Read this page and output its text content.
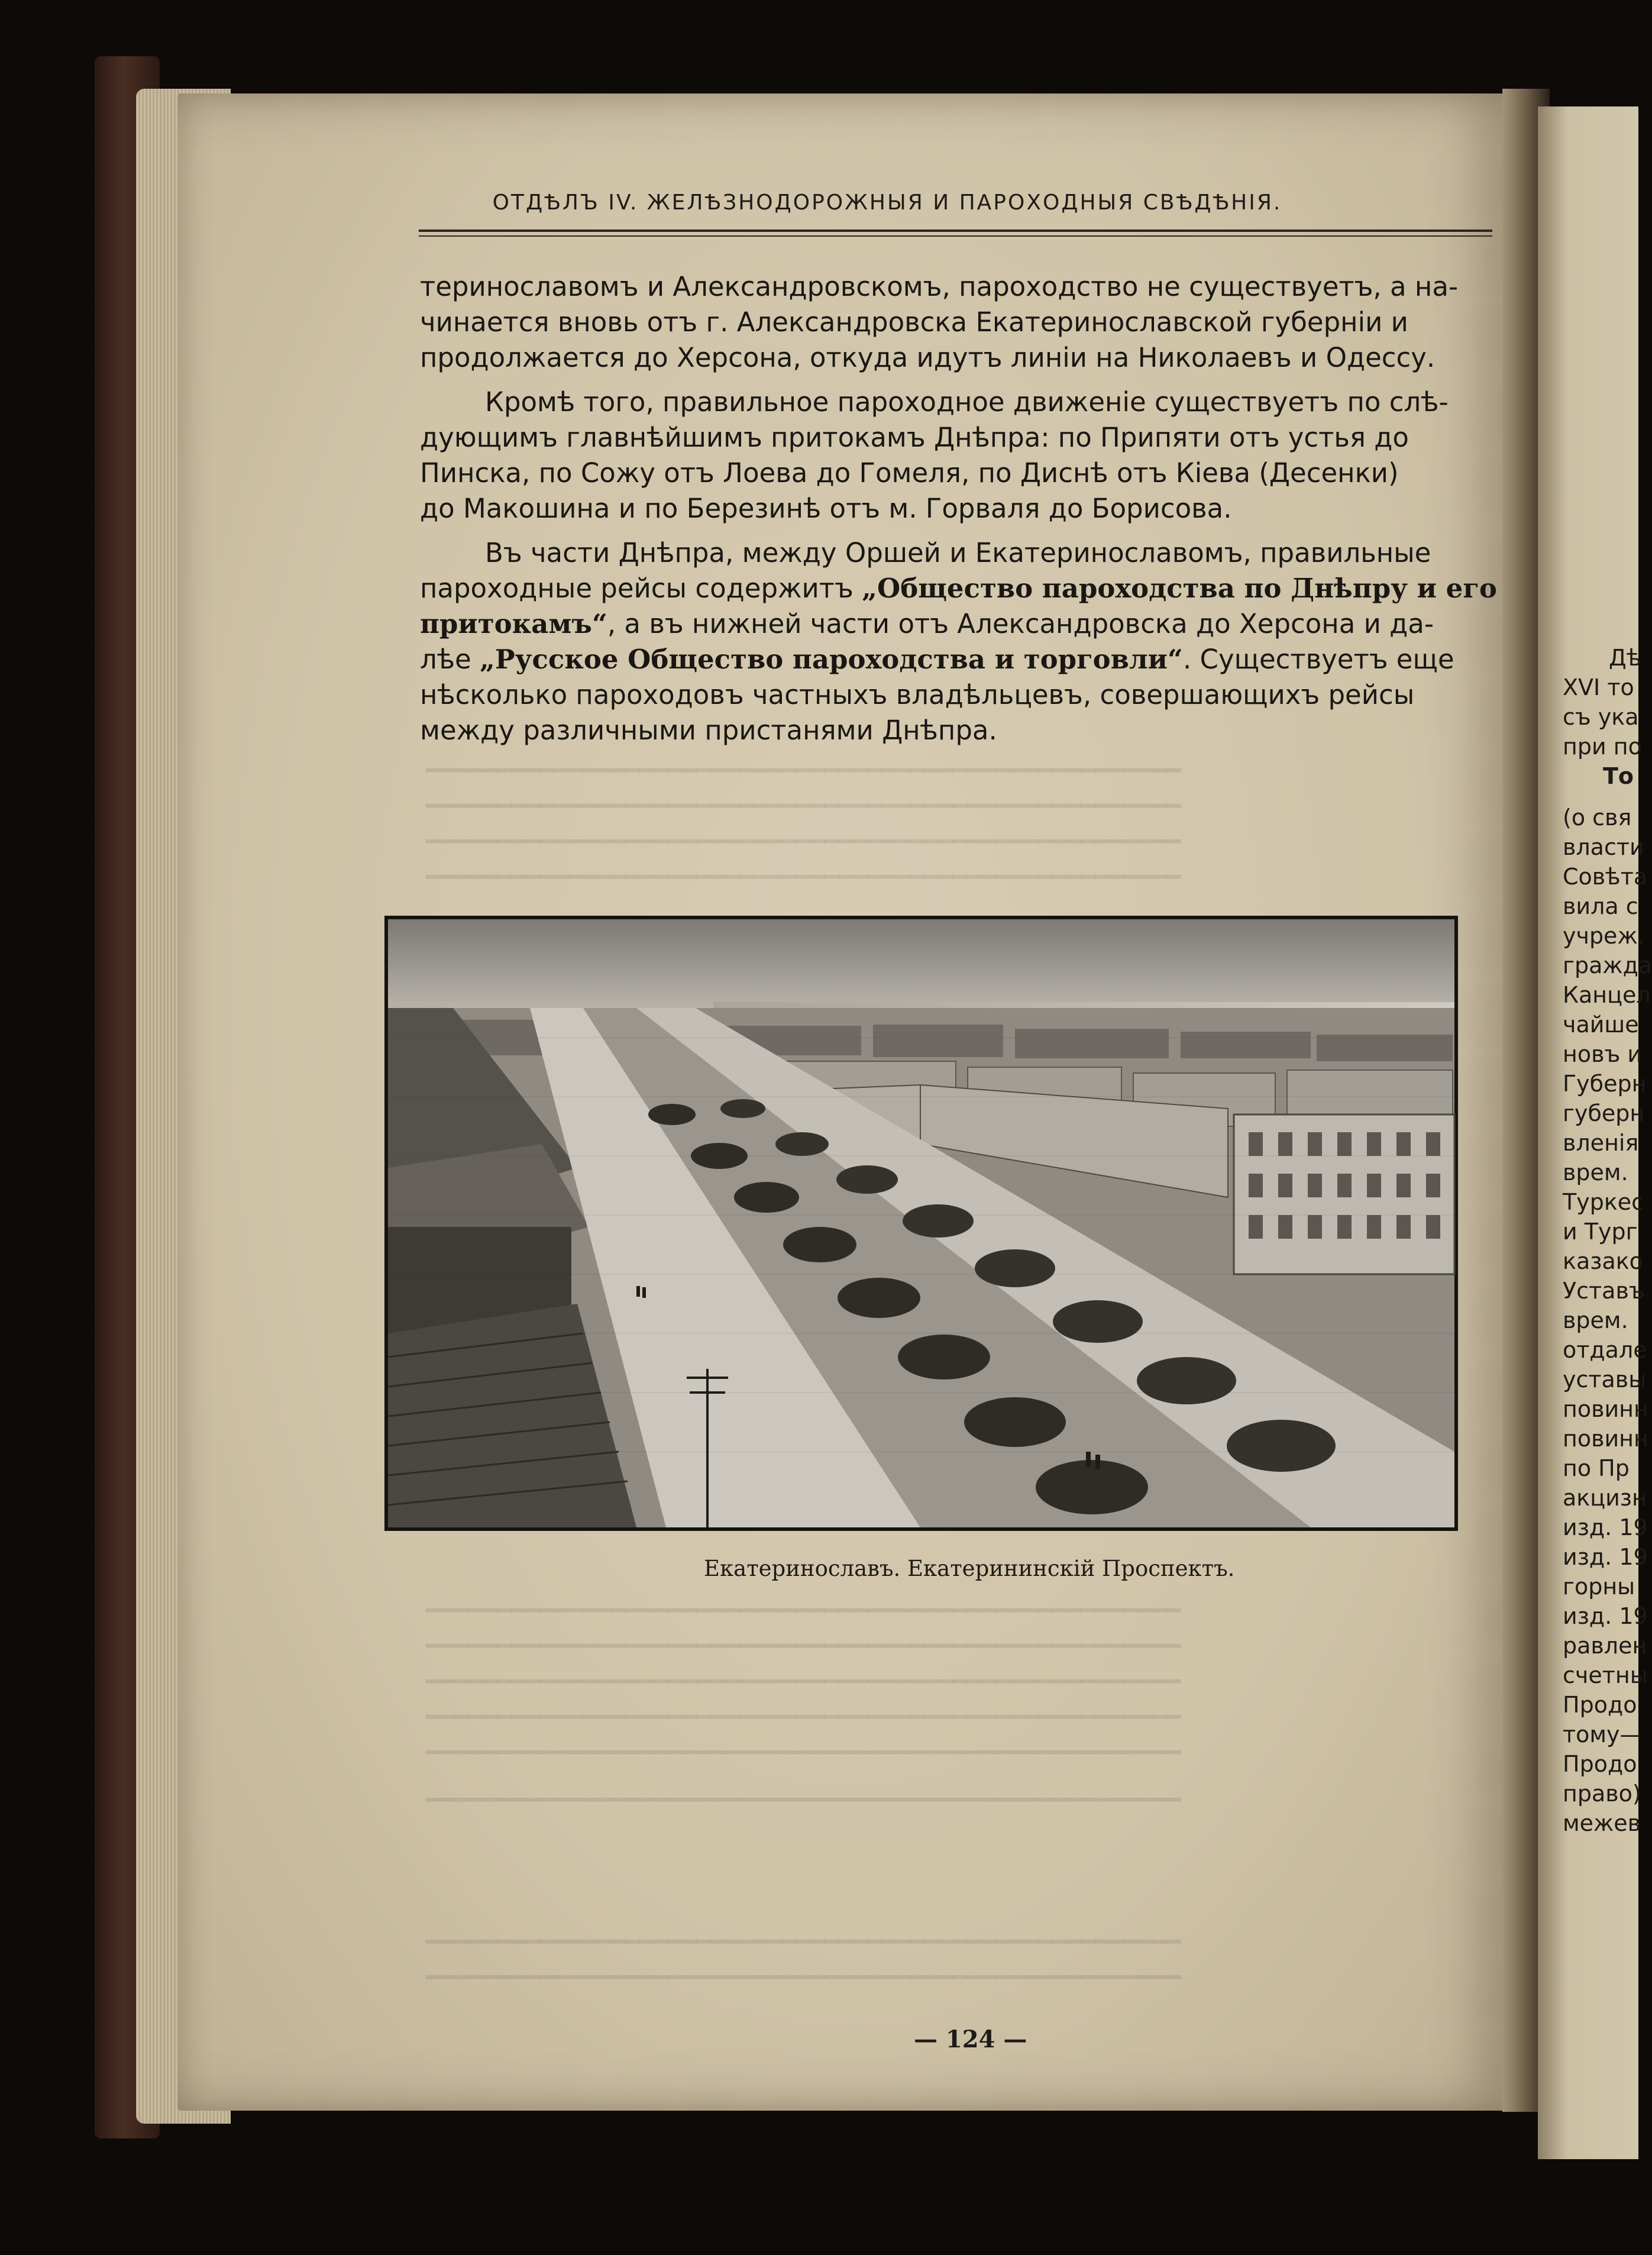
Дѣ
XVI то
съ ука
при по
То
(о свя
власти
Совѣта
вила с
учреж.
гражда
Канцел
чайше
новъ и
Губерн
губерн
вленія
врем.
Туркес
и Тург
казако
Уставъ
врем.
отдале
уставы
повинн
повинн
по Пр
акцизн
изд. 19
изд. 19
горны
изд. 19
равлен
счетны
Продо
тому—
Продо
право)
межев
━━━━━━━━━━━━━━━━━━━━━━━━━━━━━━━━━━━━━━━━━━━━━━━━━━━━━
━━━━━━━━━━━━━━━━━━━━━━━━━━━━━━━━━━━━━━━━━━━━━━━━━━━━━
━━━━━━━━━━━━━━━━━━━━━━━━━━━━━━━━━━━━━━━━━━━━━━━━━━━━━
━━━━━━━━━━━━━━━━━━━━━━━━━━━━━━━━━━━━━━━━━━━━━━━━━━━━━
━━━━━━━━━━━━━━━━━━━━━━━━━━━━━━━━━━━━━━━━━━━━━━━━━━━━━
━━━━━━━━━━━━━━━━━━━━━━━━━━━━━━━━━━━━━━━━━━━━━━━━━━━━━
━━━━━━━━━━━━━━━━━━━━━━━━━━━━━━━━━━━━━━━━━━━━━━━━━━━━━
━━━━━━━━━━━━━━━━━━━━━━━━━━━━━━━━━━━━━━━━━━━━━━━━━━━━━
━━━━━━━━━━━━━━━━━━━━━━━━━━━━━━━━━━━━━━━━━━━━━━━━━━━━━
━━━━━━━━━━━━━━━━━━━━━━━━━━━━━━━━━━━━━━━━━━━━━━━━━━━━━
━━━━━━━━━━━━━━━━━━━━━━━━━━━━━━━━━━━━━━━━━━━━━━━━━━━━━
━━━━━━━━━━━━━━━━━━━━━━━━━━━━━━━━━━━━━━━━━━━━━━━━━━━━━
ОТДѢЛЪ IV. ЖЕЛѢЗНОДОРОЖНЫЯ И ПАРОХОДНЫЯ СВѢДѢНІЯ.
теринославомъ и Александровскомъ, пароходство не существуетъ, а на-
чинается вновь отъ г. Александровска Екатеринославской губерніи и
продолжается до Херсона, откуда идутъ линіи на Николаевъ и Одессу.
Кромѣ того, правильное пароходное движеніе существуетъ по слѣ-
дующимъ главнѣйшимъ притокамъ Днѣпра: по Припяти отъ устья до
Пинска, по Сожу отъ Лоева до Гомеля, по Диснѣ отъ Кіева (Десенки)
до Макошина и по Березинѣ отъ м. Горваля до Борисова.
Въ части Днѣпра, между Оршей и Екатеринославомъ, правильные
пароходные рейсы содержитъ „Общество пароходства по Днѣпру и его
притокамъ“, а въ нижней части отъ Александровска до Херсона и да-
лѣе „Русское Общество пароходства и торговли“. Существуетъ еще
нѣсколько пароходовъ частныхъ владѣльцевъ, совершающихъ рейсы
между различными пристанями Днѣпра.
Екатеринославъ. Екатерининскій Проспектъ.
— 124 —
